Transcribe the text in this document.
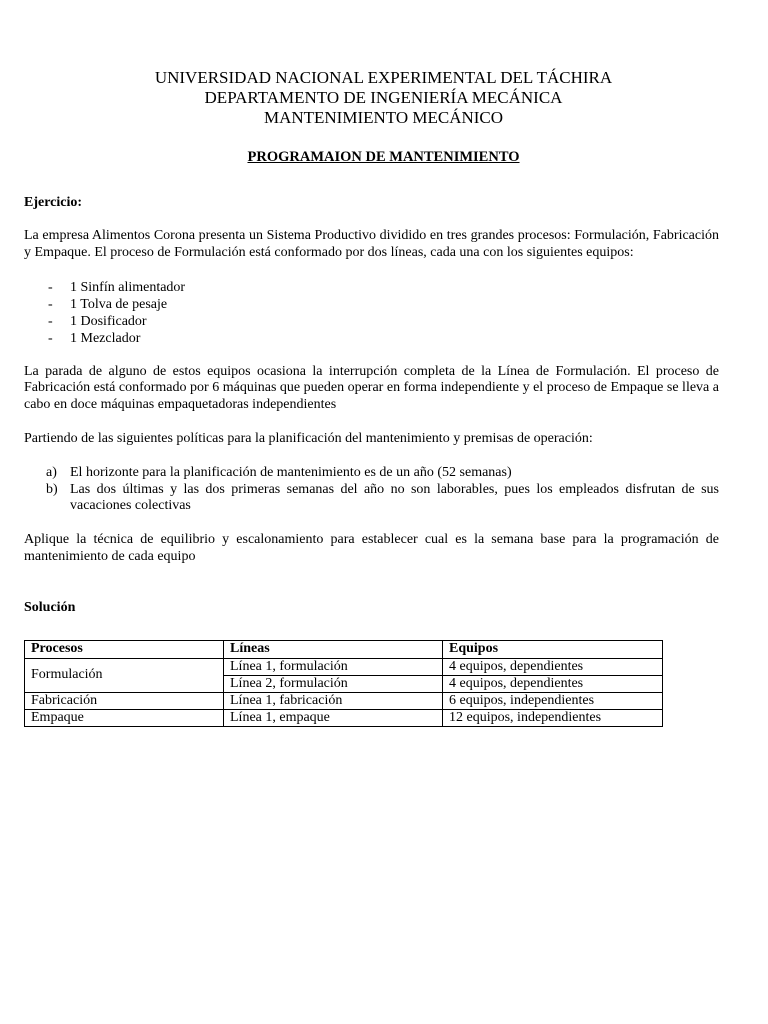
UNIVERSIDAD NACIONAL EXPERIMENTAL DEL TÁCHIRA
DEPARTAMENTO DE INGENIERÍA MECÁNICA
MANTENIMIENTO MECÁNICO
PROGRAMAION DE MANTENIMIENTO
Ejercicio:

La empresa Alimentos Corona presenta un Sistema Productivo dividido en tres grandes procesos: Formulación, Fabricación y Empaque. El proceso de Formulación está conformado por dos líneas, cada una con los siguientes equipos:

- 1 Sinfín alimentador
- 1 Tolva de pesaje
- 1 Dosificador
- 1 Mezclador

La parada de alguno de estos equipos ocasiona la interrupción completa de la Línea de Formulación. El proceso de Fabricación está conformado por 6 máquinas que pueden operar en forma independiente y el proceso de Empaque se lleva a cabo en doce máquinas empaquetadoras independientes

Partiendo de las siguientes políticas para la planificación del mantenimiento y premisas de operación:

a) El horizonte para la planificación de mantenimiento es de un año (52 semanas)
b) Las dos últimas y las dos primeras semanas del año no son laborables, pues los empleados disfrutan de sus vacaciones colectivas

Aplique la técnica de equilibrio y escalonamiento para establecer cual es la semana base para la programación de mantenimiento de cada equipo

Solución
Procesos	Líneas	Equipos
Formulación	Línea 1, formulación	4 equipos, dependientes
	Línea 2, formulación	4 equipos, dependientes
Fabricación	Línea 1, fabricación	6 equipos, independientes
Empaque	Línea 1, empaque	12 equipos, independientes
